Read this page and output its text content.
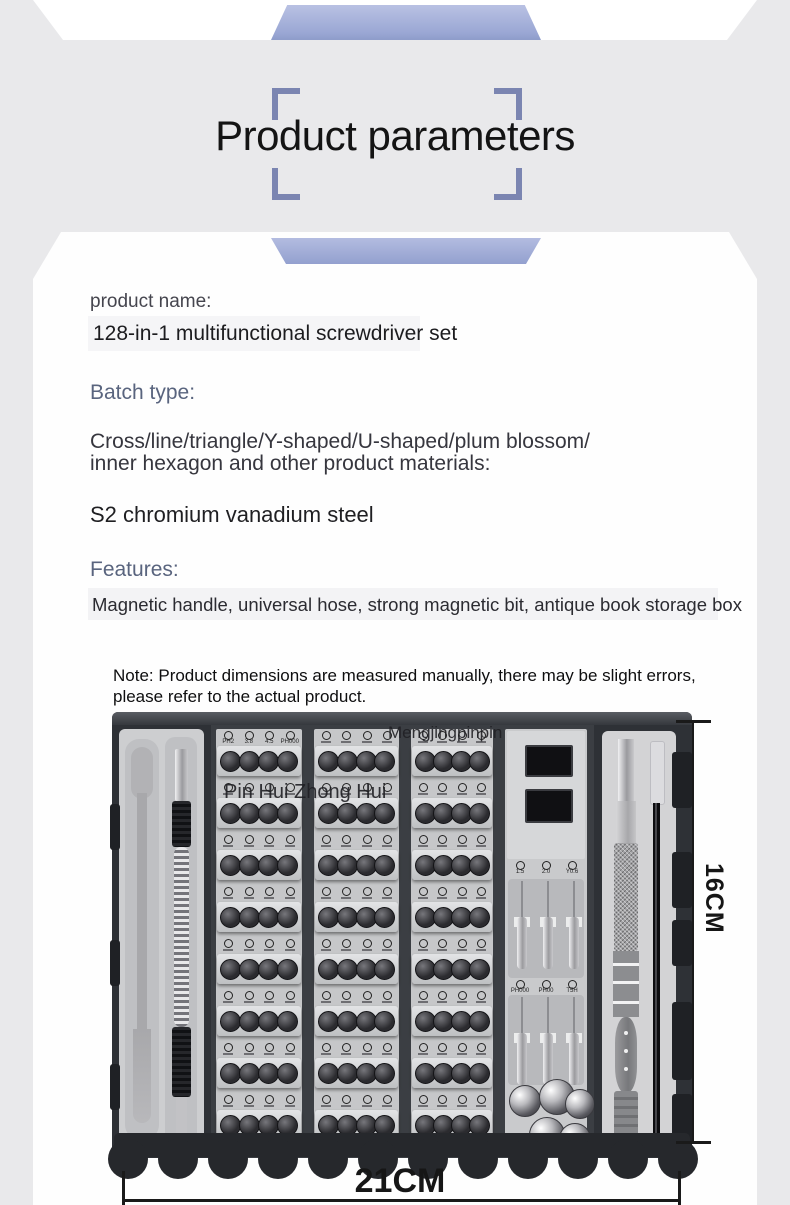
Product parameters
product name:
128-in-1 multifunctional screwdriver set
Batch type:
Cross/line/triangle/Y-shaped/U-shaped/plum blossom/
inner hexagon and other product materials:
S2 chromium vanadium steel
Features:
Magnetic handle, universal hose, strong magnetic bit, antique book storage box
Note: Product dimensions are measured manually, there may be slight errors,
please refer to the actual product.
PH2	3.8	4.5	PH000
1.5	2.0	Y0.6
PH000	PH00	T5H
Mengjingpinpin
Pin Hui Zhong Hui
16CM
21CM
